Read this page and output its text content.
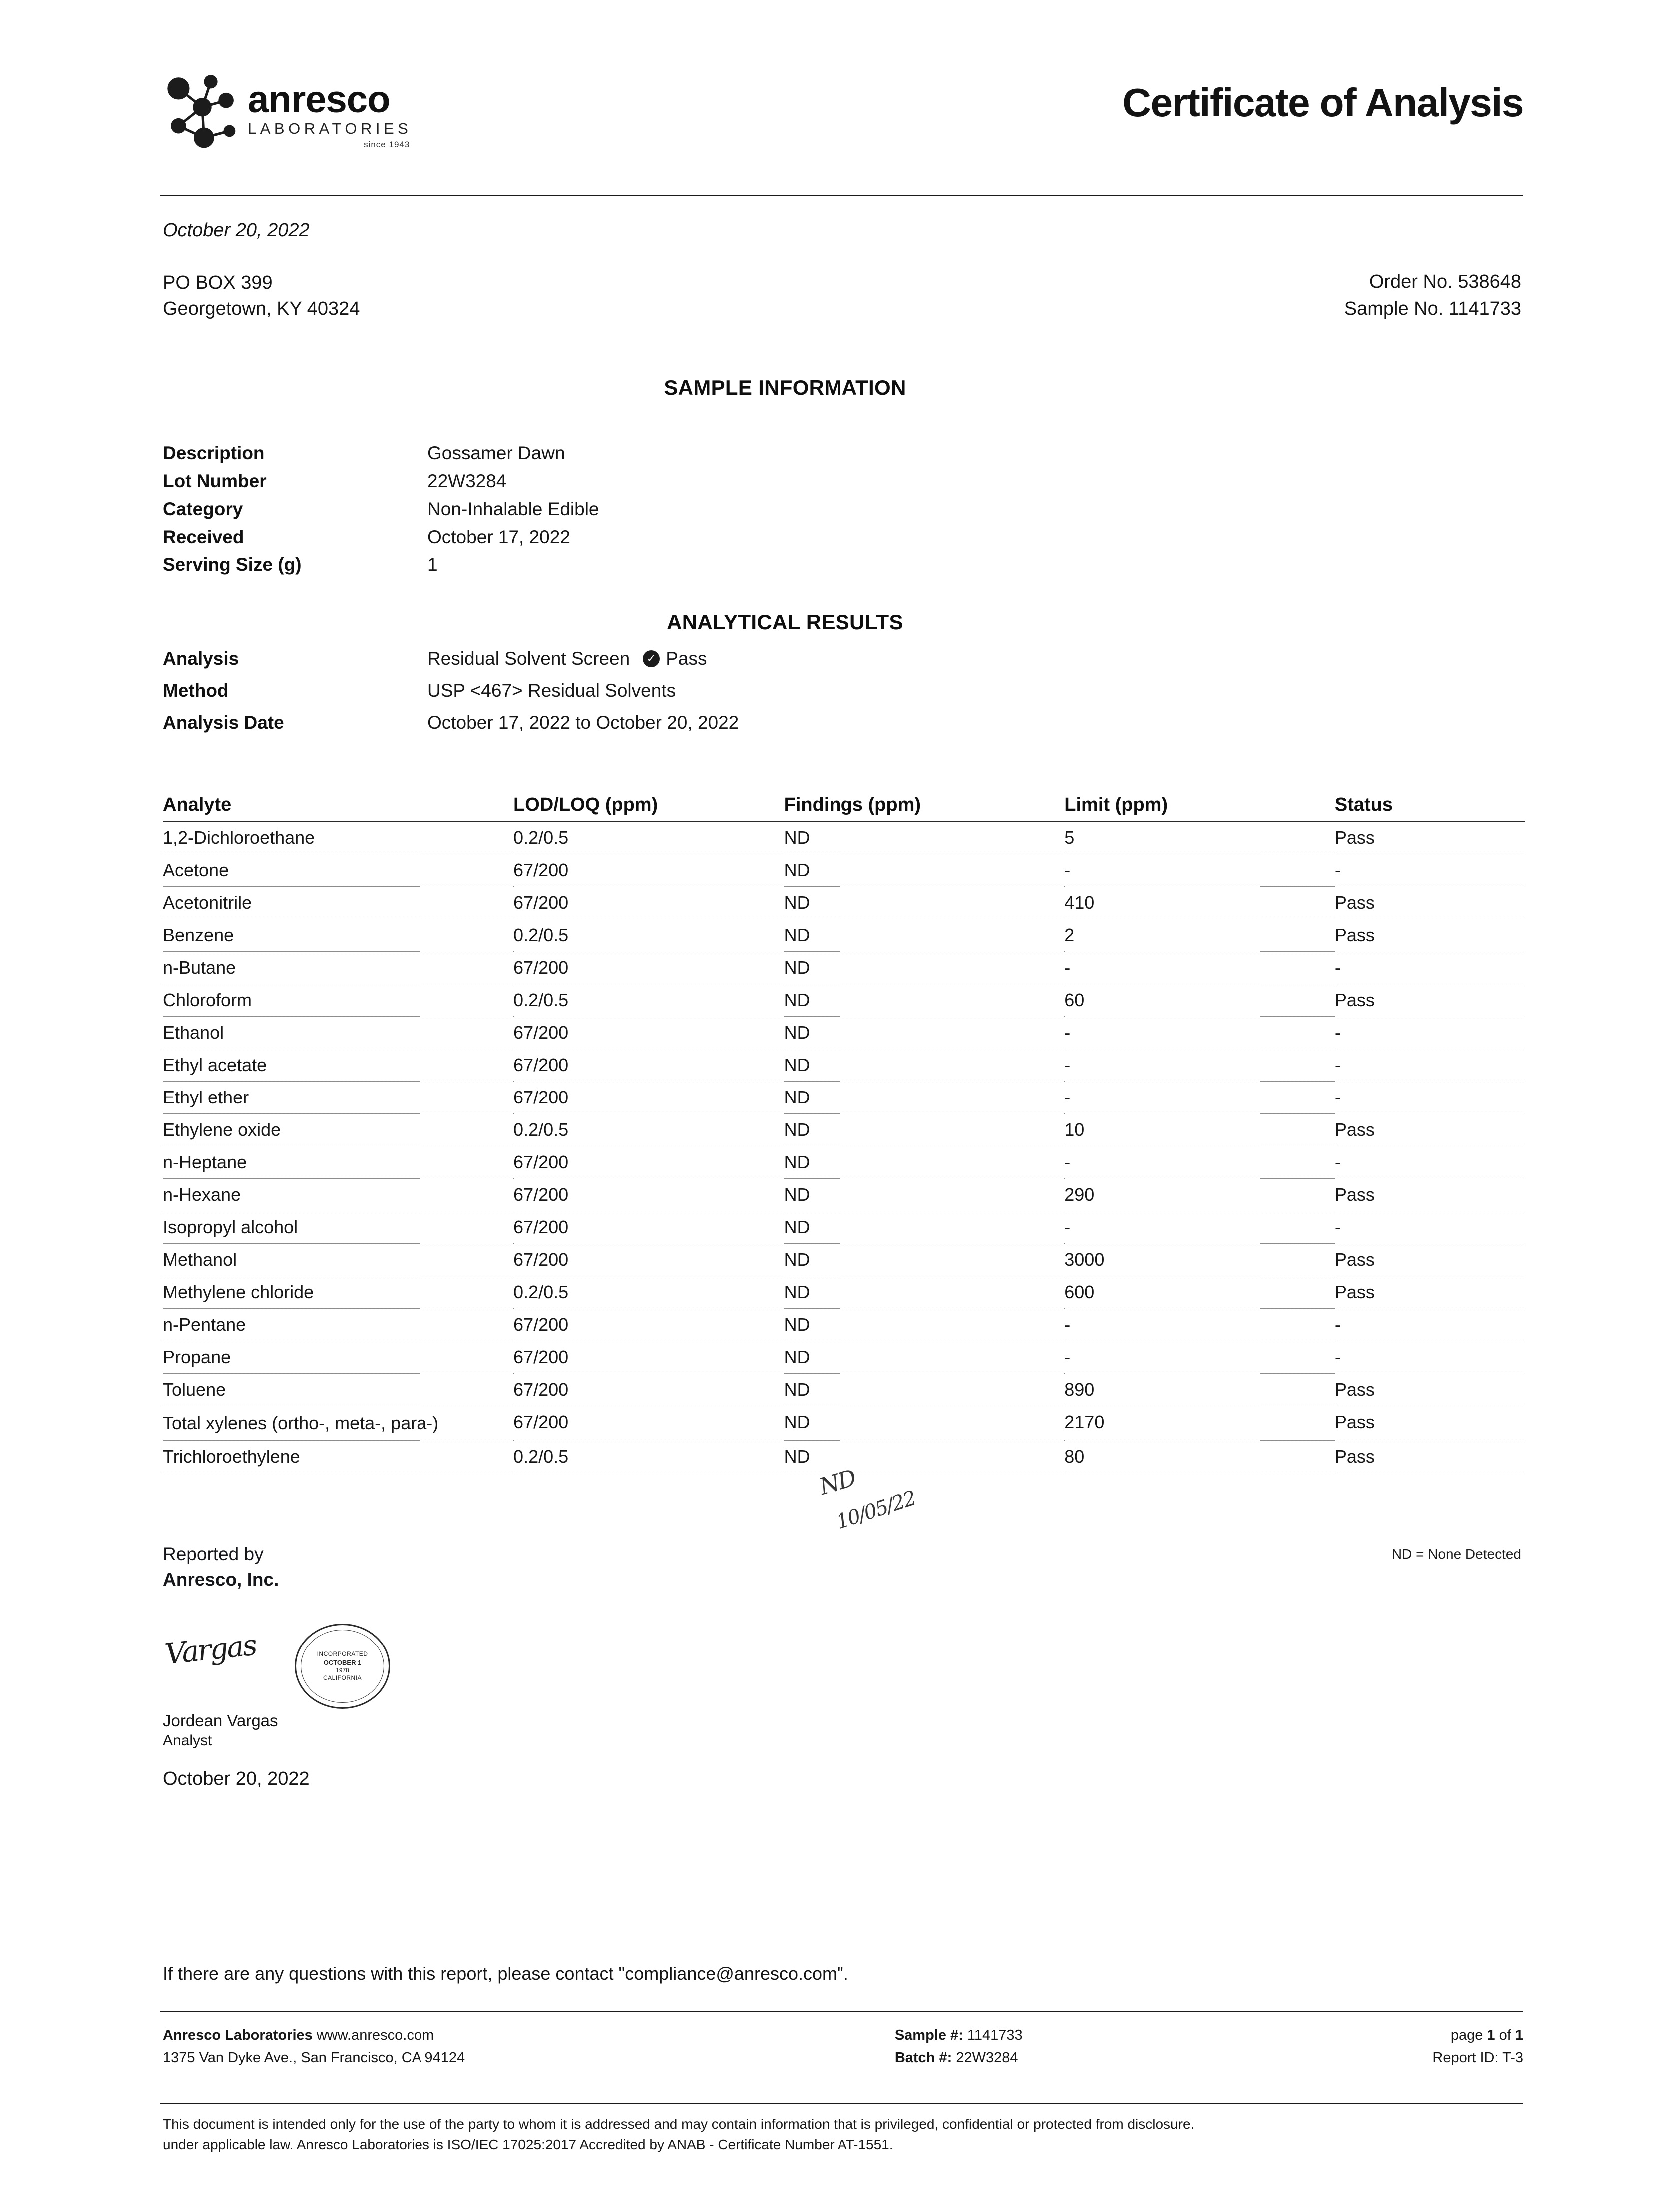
anresco
LABORATORIES
since 1943
Certificate of Analysis
October 20, 2022
PO BOX 399
Georgetown, KY 40324
Order No. 538648
Sample No. 1141733
SAMPLE INFORMATION
Description	Gossamer Dawn
Lot Number	22W3284
Category	Non-Inhalable Edible
Received	October 17, 2022
Serving Size (g)	1
ANALYTICAL RESULTS
Analysis	Residual Solvent Screen	✓ Pass
Method	USP <467> Residual Solvents
Analysis Date	October 17, 2022 to October 20, 2022
Analyte	LOD/LOQ (ppm)	Findings (ppm)	Limit (ppm)	Status
1,2-Dichloroethane	0.2/0.5	ND	5	Pass
Acetone	67/200	ND	-	-
Acetonitrile	67/200	ND	410	Pass
Benzene	0.2/0.5	ND	2	Pass
n-Butane	67/200	ND	-	-
Chloroform	0.2/0.5	ND	60	Pass
Ethanol	67/200	ND	-	-
Ethyl acetate	67/200	ND	-	-
Ethyl ether	67/200	ND	-	-
Ethylene oxide	0.2/0.5	ND	10	Pass
n-Heptane	67/200	ND	-	-
n-Hexane	67/200	ND	290	Pass
Isopropyl alcohol	67/200	ND	-	-
Methanol	67/200	ND	3000	Pass
Methylene chloride	0.2/0.5	ND	600	Pass
n-Pentane	67/200	ND	-	-
Propane	67/200	ND	-	-
Toluene	67/200	ND	890	Pass
Total xylenes (ortho-, meta-, para-)	67/200	ND	2170	Pass
Trichloroethylene	0.2/0.5	ND	80	Pass
ND
10/05/22
Reported by
Anresco, Inc.
ND = None Detected
Vargas	INCORPORATED
OCTOBER 1
1978
CALIFORNIA
Jordean Vargas
Analyst
October 20, 2022
If there are any questions with this report, please contact "compliance@anresco.com".
Anresco Laboratories www.anresco.com
1375 Van Dyke Ave., San Francisco, CA 94124
Sample #: 1141733
Batch #: 22W3284
page 1 of 1
Report ID: T-3
This document is intended only for the use of the party to whom it is addressed and may contain information that is privileged, confidential or protected from disclosure.
under applicable law. Anresco Laboratories is ISO/IEC 17025:2017 Accredited by ANAB - Certificate Number AT-1551.
